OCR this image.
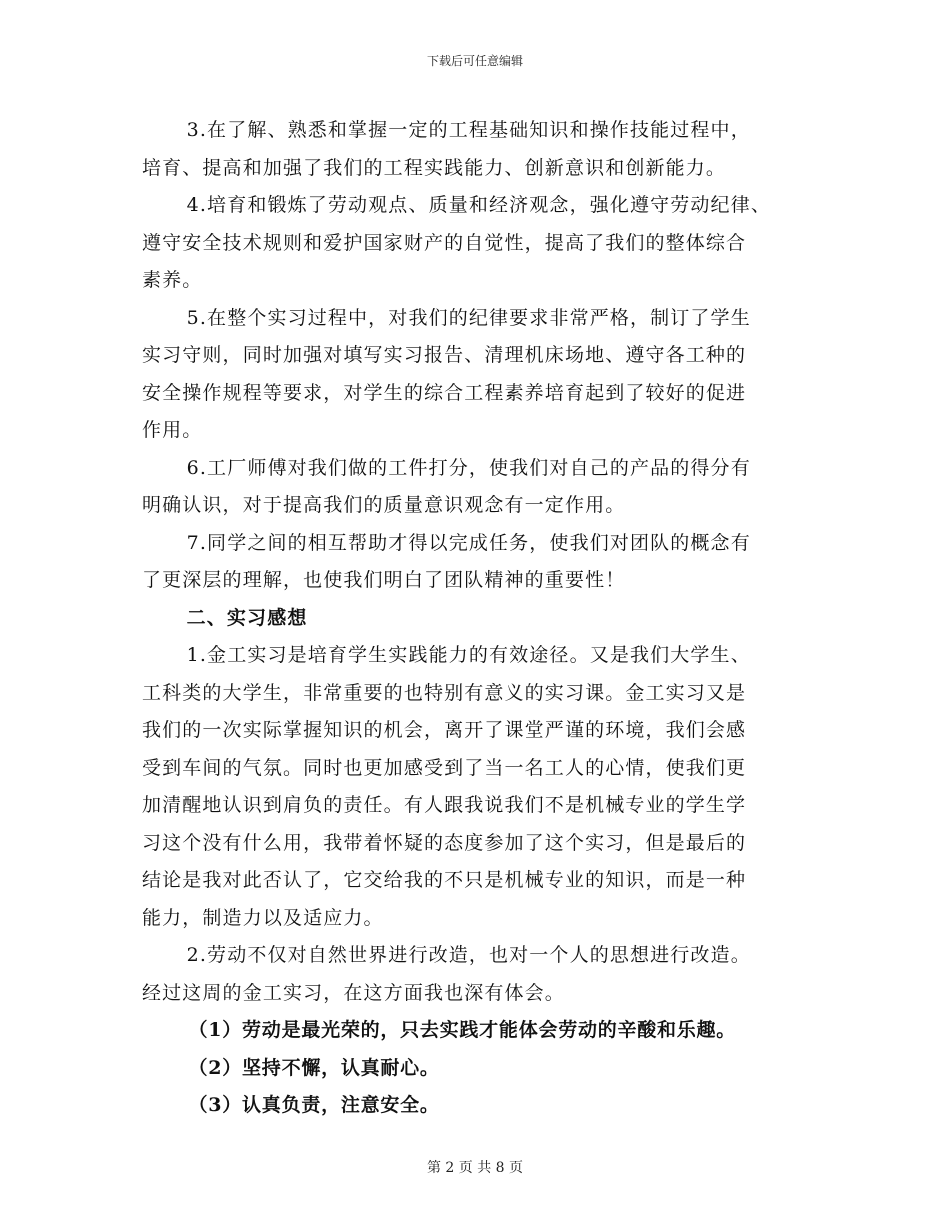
下载后可任意编辑

3.在了解、熟悉和掌握一定的工程基础知识和操作技能过程中，
培育、提高和加强了我们的工程实践能力、创新意识和创新能力。

4.培育和锻炼了劳动观点、质量和经济观念，强化遵守劳动纪律、
遵守安全技术规则和爱护国家财产的自觉性，提高了我们的整体综合
素养。

5.在整个实习过程中，对我们的纪律要求非常严格，制订了学生
实习守则，同时加强对填写实习报告、清理机床场地、遵守各工种的
安全操作规程等要求，对学生的综合工程素养培育起到了较好的促进
作用。

6.工厂师傅对我们做的工件打分，使我们对自己的产品的得分有
明确认识，对于提高我们的质量意识观念有一定作用。

7.同学之间的相互帮助才得以完成任务，使我们对团队的概念有
了更深层的理解，也使我们明白了团队精神的重要性！

二、实习感想

1.金工实习是培育学生实践能力的有效途径。又是我们大学生、
工科类的大学生，非常重要的也特别有意义的实习课。金工实习又是
我们的一次实际掌握知识的机会，离开了课堂严谨的环境，我们会感
受到车间的气氛。同时也更加感受到了当一名工人的心情，使我们更
加清醒地认识到肩负的责任。有人跟我说我们不是机械专业的学生学
习这个没有什么用，我带着怀疑的态度参加了这个实习，但是最后的
结论是我对此否认了，它交给我的不只是机械专业的知识，而是一种
能力，制造力以及适应力。

2.劳动不仅对自然世界进行改造，也对一个人的思想进行改造。
经过这周的金工实习，在这方面我也深有体会。

（1）劳动是最光荣的，只去实践才能体会劳动的辛酸和乐趣。

（2）坚持不懈，认真耐心。

（3）认真负责，注意安全。

第 2 页 共 8 页
